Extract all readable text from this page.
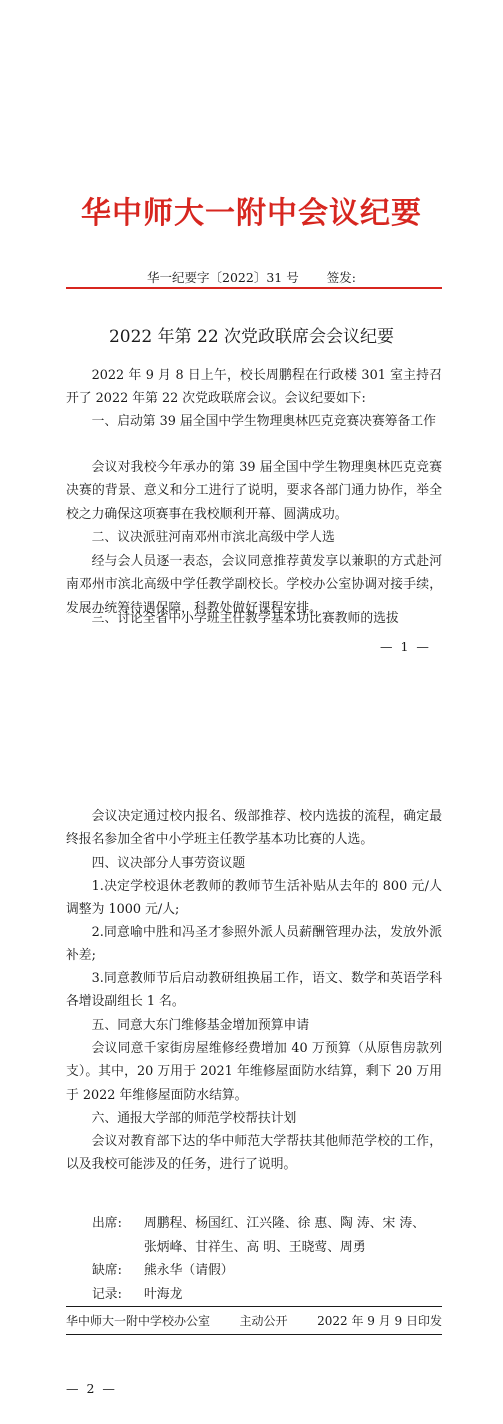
华中师大一附中会议纪要
华一纪要字〔2022〕31 号 签发:
2022 年第 22 次党政联席会会议纪要
2022 年 9 月 8 日上午，校长周鹏程在行政楼 301 室主持召开了 2022 年第 22 次党政联席会议。会议纪要如下:
一、启动第 39 届全国中学生物理奥林匹克竞赛决赛筹备工作
会议对我校今年承办的第 39 届全国中学生物理奥林匹克竞赛决赛的背景、意义和分工进行了说明，要求各部门通力协作，举全校之力确保这项赛事在我校顺利开幕、圆满成功。
二、议决派驻河南邓州市滨北高级中学人选
经与会人员逐一表态，会议同意推荐黄发享以兼职的方式赴河南邓州市滨北高级中学任教学副校长。学校办公室协调对接手续，发展办统筹待遇保障，科教处做好课程安排。
三、讨论全省中小学班主任教学基本功比赛教师的选拔
— 1 —
会议决定通过校内报名、级部推荐、校内选拔的流程，确定最终报名参加全省中小学班主任教学基本功比赛的人选。
四、议决部分人事劳资议题
1.决定学校退休老教师的教师节生活补贴从去年的 800 元/人调整为 1000 元/人;
2.同意喻中胜和冯圣才参照外派人员薪酬管理办法，发放外派补差;
3.同意教师节后启动教研组换届工作，语文、数学和英语学科各增设副组长 1 名。
五、同意大东门维修基金增加预算申请
会议同意千家街房屋维修经费增加 40 万预算（从原售房款列支）。其中，20 万用于 2021 年维修屋面防水结算，剩下 20 万用于 2022 年维修屋面防水结算。
六、通报大学部的师范学校帮扶计划
会议对教育部下达的华中师范大学帮扶其他师范学校的工作，以及我校可能涉及的任务，进行了说明。
出席:	周鹏程、杨国红、江兴隆、徐 惠、陶 涛、宋 涛、
张炳峰、甘祥生、高 明、王晓莺、周勇
缺席:	熊永华（请假）
记录:	叶海龙
华中师大一附中学校办公室 主动公开 2022 年 9 月 9 日印发
— 2 —
